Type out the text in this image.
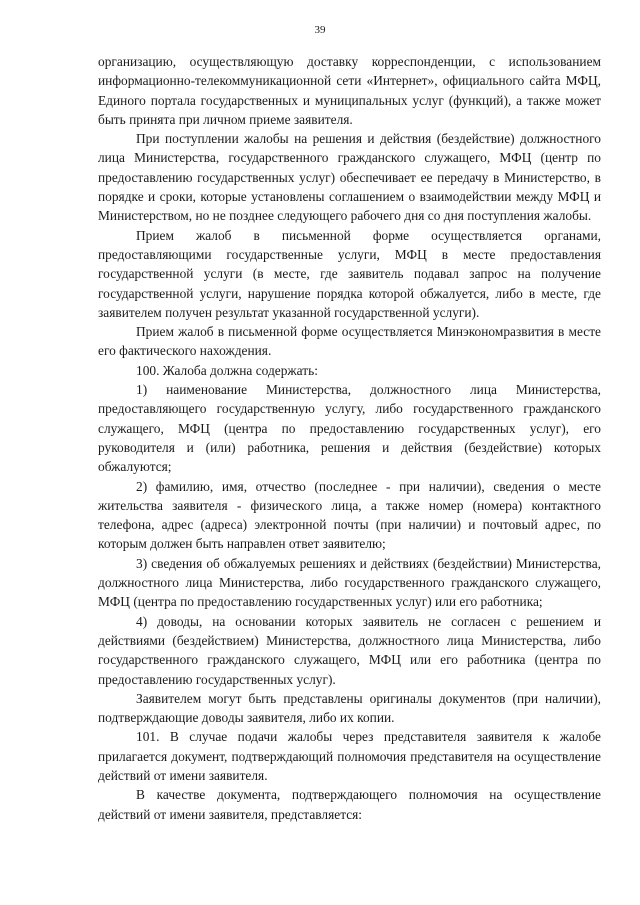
39

организацию, осуществляющую доставку корреспонденции, с использованием информационно-телекоммуникационной сети «Интернет», официального сайта МФЦ, Единого портала государственных и муниципальных услуг (функций), а также может быть принята при личном приеме заявителя.

При поступлении жалобы на решения и действия (бездействие) должностного лица Министерства, государственного гражданского служащего, МФЦ (центр по предоставлению государственных услуг) обеспечивает ее передачу в Министерство, в порядке и сроки, которые установлены соглашением о взаимодействии между МФЦ и Министерством, но не позднее следующего рабочего дня со дня поступления жалобы.

Прием жалоб в письменной форме осуществляется органами, предоставляющими государственные услуги, МФЦ в месте предоставления государственной услуги (в месте, где заявитель подавал запрос на получение государственной услуги, нарушение порядка которой обжалуется, либо в месте, где заявителем получен результат указанной государственной услуги).

Прием жалоб в письменной форме осуществляется Минэкономразвития в месте его фактического нахождения.

100. Жалоба должна содержать:

1) наименование Министерства, должностного лица Министерства, предоставляющего государственную услугу, либо государственного гражданского служащего, МФЦ (центра по предоставлению государственных услуг), его руководителя и (или) работника, решения и действия (бездействие) которых обжалуются;

2) фамилию, имя, отчество (последнее - при наличии), сведения о месте жительства заявителя - физического лица, а также номер (номера) контактного телефона, адрес (адреса) электронной почты (при наличии) и почтовый адрес, по которым должен быть направлен ответ заявителю;

3) сведения об обжалуемых решениях и действиях (бездействии) Министерства, должностного лица Министерства, либо государственного гражданского служащего, МФЦ (центра по предоставлению государственных услуг) или его работника;

4) доводы, на основании которых заявитель не согласен с решением и действиями (бездействием) Министерства, должностного лица Министерства, либо государственного гражданского служащего, МФЦ или его работника (центра по предоставлению государственных услуг).

Заявителем могут быть представлены оригиналы документов (при наличии), подтверждающие доводы заявителя, либо их копии.

101. В случае подачи жалобы через представителя заявителя к жалобе прилагается документ, подтверждающий полномочия представителя на осуществление действий от имени заявителя.

В качестве документа, подтверждающего полномочия на осуществление действий от имени заявителя, представляется:
